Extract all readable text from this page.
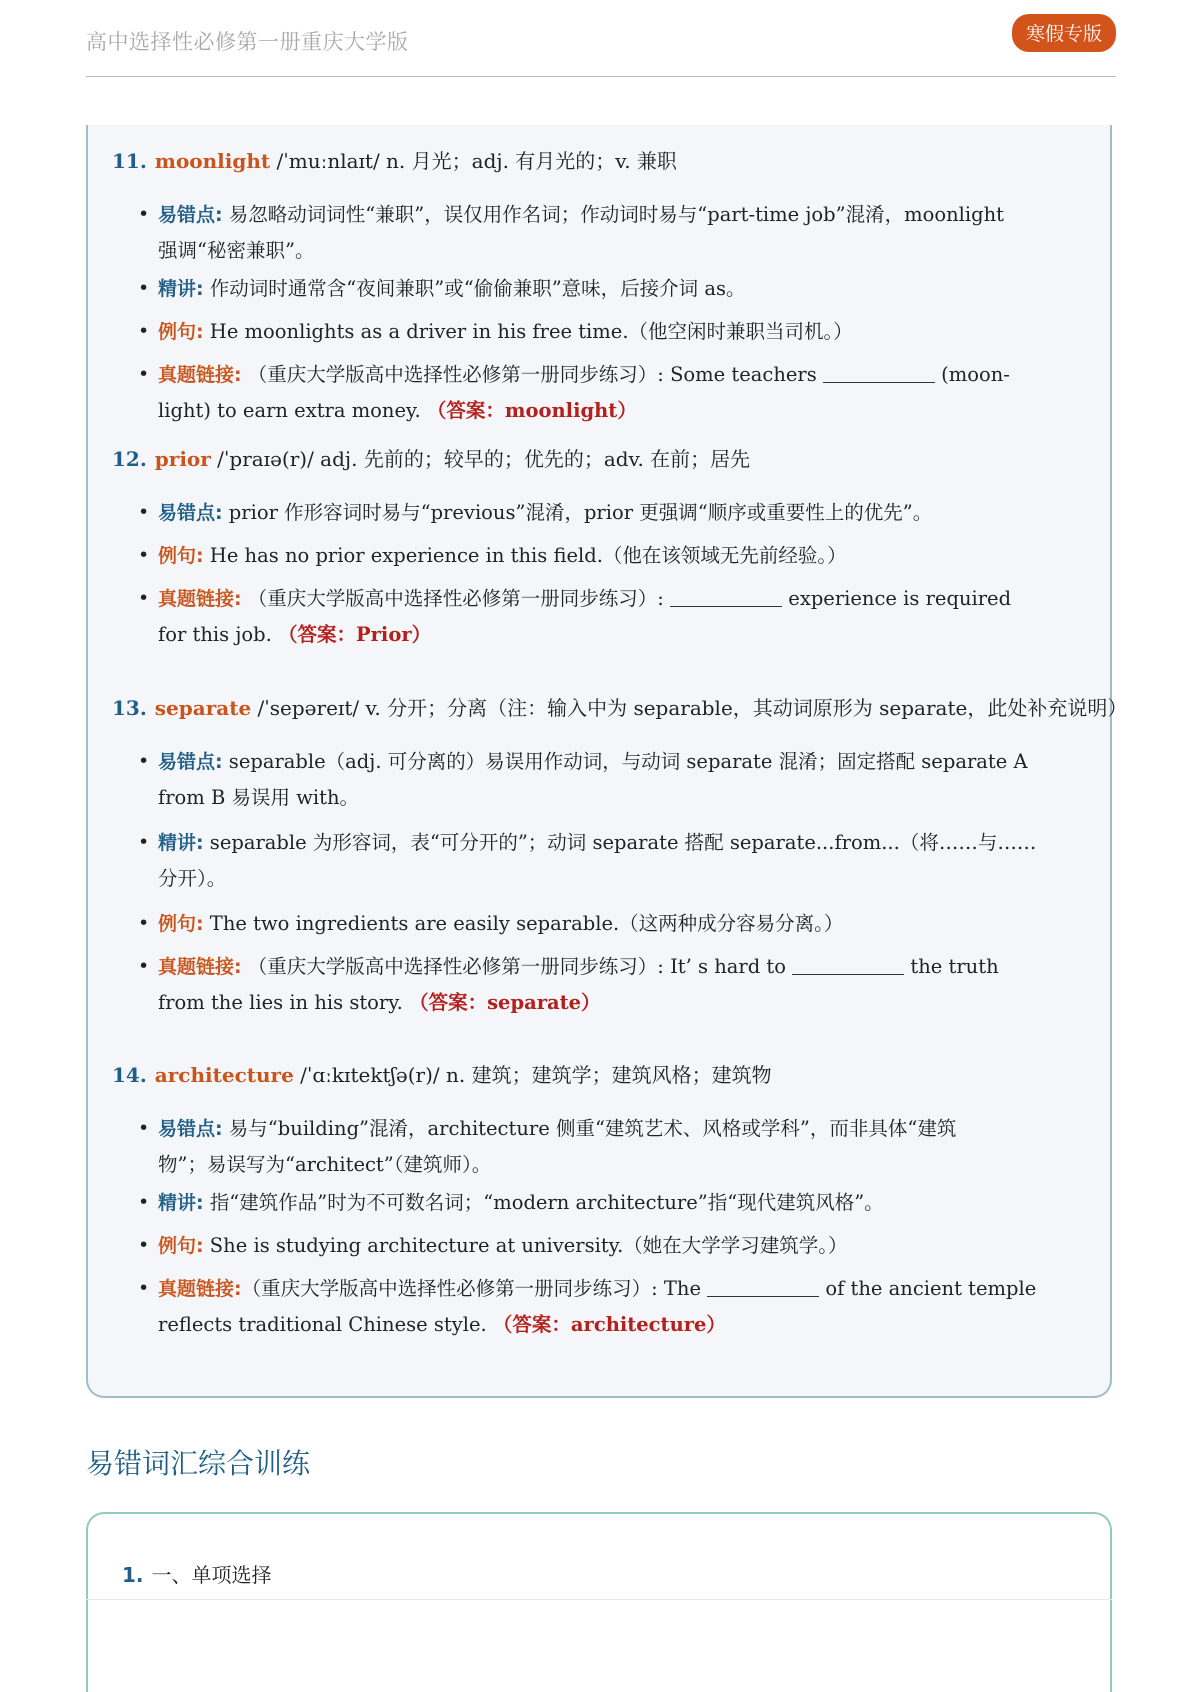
高中选择性必修第一册重庆大学版	寒假专版
11. moonlight /ˈmuːnlaɪt/ n. 月光；adj. 有月光的；v. 兼职
• 易错点: 易忽略动词词性“兼职”，误仅用作名词；作动词时易与“part-time job”混淆，moonlight
强调“秘密兼职”。
• 精讲: 作动词时通常含“夜间兼职”或“偷偷兼职”意味，后接介词 as。
• 例句: He moonlights as a driver in his free time.（他空闲时兼职当司机。）
• 真题链接: （重庆大学版高中选择性必修第一册同步练习）: Some teachers	(moon-
light) to earn extra money. （答案：moonlight）
12. prior /ˈpraɪə(r)/ adj. 先前的；较早的；优先的；adv. 在前；居先
• 易错点: prior 作形容词时易与“previous”混淆，prior 更强调“顺序或重要性上的优先”。
• 例句: He has no prior experience in this field.（他在该领域无先前经验。）
• 真题链接: （重庆大学版高中选择性必修第一册同步练习）:	experience is required
for this job. （答案：Prior）
13. separate /ˈsepəreɪt/ v. 分开；分离（注：输入中为 separable，其动词原形为 separate，此处补充说明）
• 易错点: separable（adj. 可分离的）易误用作动词，与动词 separate 混淆；固定搭配 separate A
from B 易误用 with。
• 精讲: separable 为形容词，表“可分开的”；动词 separate 搭配 separate...from...（将……与……
分开）。
• 例句: The two ingredients are easily separable.（这两种成分容易分离。）
• 真题链接: （重庆大学版高中选择性必修第一册同步练习）: It’ s hard to	the truth
from the lies in his story. （答案：separate）
14. architecture /ˈɑːkɪtektʃə(r)/ n. 建筑；建筑学；建筑风格；建筑物
• 易错点: 易与“building”混淆，architecture 侧重“建筑艺术、风格或学科”，而非具体“建筑
物”；易误写为“architect”（建筑师）。
• 精讲: 指“建筑作品”时为不可数名词；“modern architecture”指“现代建筑风格”。
• 例句: She is studying architecture at university.（她在大学学习建筑学。）
• 真题链接:（重庆大学版高中选择性必修第一册同步练习）: The	of the ancient temple
reflects traditional Chinese style. （答案：architecture）
易错词汇综合训练
1. 一、单项选择
